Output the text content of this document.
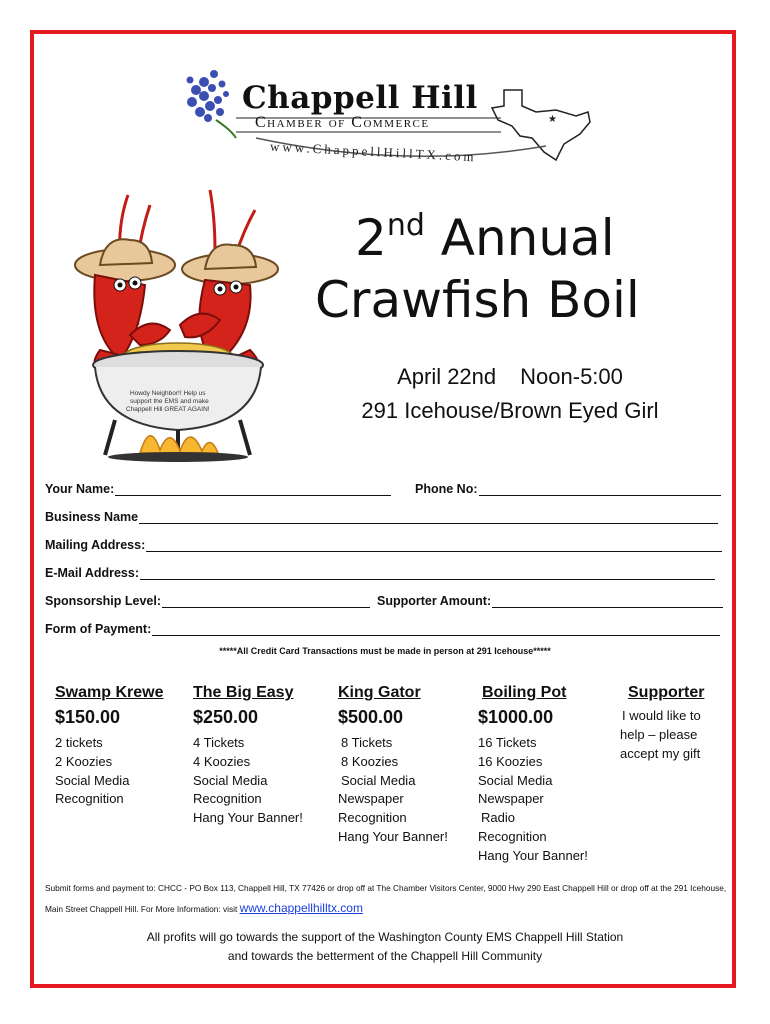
★
Chappell Hill
Chamber of Commerce
www.ChappellHillTX.com
Howdy Neighbor!! Help us
support the EMS and make
Chappell Hill GREAT AGAIN!
2nd Annual
Crawfish Boil
April 22nd Noon-5:00
291 Icehouse/Brown Eyed Girl
Your Name:	Phone No:
Business Name
Mailing Address:
E-Mail Address:
Sponsorship Level:	Supporter Amount:
Form of Payment:
*****All Credit Card Transactions must be made in person at 291 Icehouse*****
Swamp Krewe
$150.00
2 tickets
2 Koozies
Social Media
Recognition
The Big Easy
$250.00
4 Tickets
4 Koozies
Social Media
Recognition
Hang Your Banner!
King Gator
$500.00
8 Tickets
8 Koozies
Social Media
Newspaper
Recognition
Hang Your Banner!
Boiling Pot
$1000.00
16 Tickets
16 Koozies
Social Media
Newspaper
Radio
Recognition
Hang Your Banner!
Supporter
I would like to
help – please
accept my gift
Submit forms and payment to: CHCC - PO Box 113, Chappell Hill, TX 77426 or drop off at The Chamber Visitors Center, 9000 Hwy 290 East Chappell Hill or drop off at the 291 Icehouse, Main Street Chappell Hill. For More Information: visit www.chappellhilltx.com
All profits will go towards the support of the Washington County EMS Chappell Hill Station
and towards the betterment of the Chappell Hill Community
